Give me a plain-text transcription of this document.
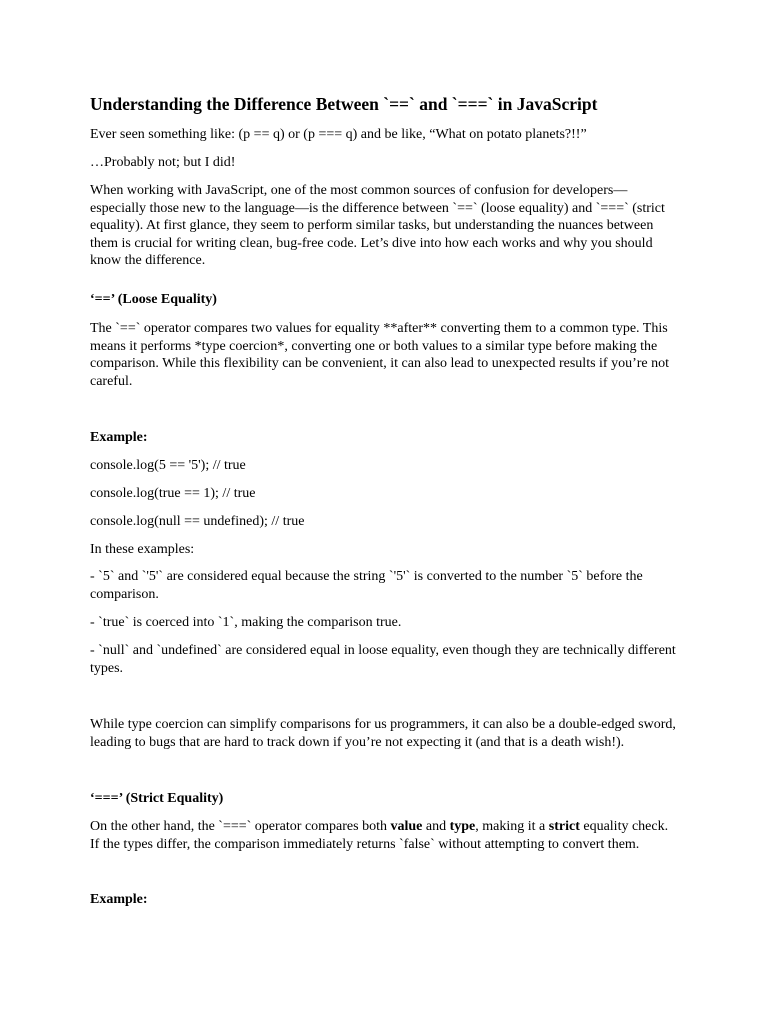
Understanding the Difference Between `==` and `===` in JavaScript

Ever seen something like: (p == q) or (p === q) and be like, “What on potato planets?!!”

…Probably not; but I did!

When working with JavaScript, one of the most common sources of confusion for developers—especially those new to the language—is the difference between `==` (loose equality) and `===` (strict equality). At first glance, they seem to perform similar tasks, but understanding the nuances between them is crucial for writing clean, bug-free code. Let’s dive into how each works and why you should know the difference.

‘==’ (Loose Equality)

The `==` operator compares two values for equality **after** converting them to a common type. This means it performs *type coercion*, converting one or both values to a similar type before making the comparison. While this flexibility can be convenient, it can also lead to unexpected results if you’re not careful.

Example:

console.log(5 == '5'); // true

console.log(true == 1); // true

console.log(null == undefined); // true

In these examples:

- `5` and `'5'` are considered equal because the string `'5'` is converted to the number `5` before the comparison.

- `true` is coerced into `1`, making the comparison true.

- `null` and `undefined` are considered equal in loose equality, even though they are technically different types.

While type coercion can simplify comparisons for us programmers, it can also be a double-edged sword, leading to bugs that are hard to track down if you’re not expecting it (and that is a death wish!).

‘===’ (Strict Equality)

On the other hand, the `===` operator compares both value and type, making it a strict equality check. If the types differ, the comparison immediately returns `false` without attempting to convert them.

Example:
